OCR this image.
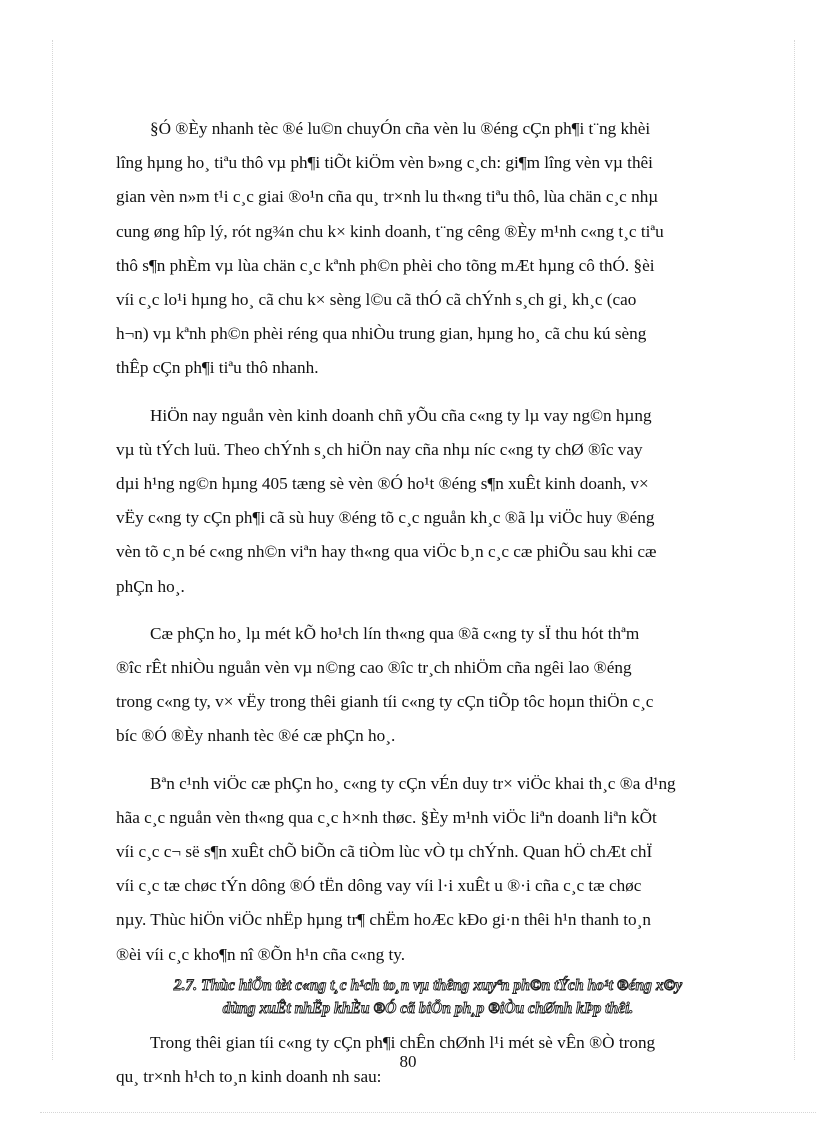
§Ó ®Èy nhanh tèc ®é lu©n chuyÓn cña vèn lu ®éng cÇn ph¶i t¨ng khèi
lîng hµng ho¸ tiªu thô vµ ph¶i tiÕt kiÖm vèn b»ng c¸ch: gi¶m lîng vèn vµ thêi
gian vèn n»m t¹i c¸c giai ®o¹n cña qu¸ tr×nh lu th«ng tiªu thô, lùa chän c¸c nhµ
cung øng hîp lý, rót ng¾n chu k× kinh doanh, t¨ng cêng ®Èy m¹nh c«ng t¸c tiªu
thô s¶n phÈm vµ lùa chän c¸c kªnh ph©n phèi cho tõng mÆt hµng cô thÓ. §èi
víi c¸c lo¹i hµng ho¸ cã chu k× sèng l©u cã thÓ cã chÝnh s¸ch gi¸ kh¸c (cao
h¬n) vµ kªnh ph©n phèi réng qua nhiÒu trung gian, hµng ho¸ cã chu kú sèng
thÊp cÇn ph¶i tiªu thô nhanh.

HiÖn nay nguån vèn kinh doanh chñ yÕu cña c«ng ty lµ vay ng©n hµng
vµ tù tÝch luü. Theo chÝnh s¸ch hiÖn nay cña nhµ níc c«ng ty chØ ®îc vay
dµi h¹ng ng©n hµng 405 tæng sè vèn ®Ó ho¹t ®éng s¶n xuÊt kinh doanh, v×
vËy c«ng ty cÇn ph¶i cã sù huy ®éng tõ c¸c nguån kh¸c ®ã lµ viÖc huy ®éng
vèn tõ c¸n bé c«ng nh©n viªn hay th«ng qua viÖc b¸n c¸c cæ phiÕu sau khi cæ
phÇn ho¸.

Cæ phÇn ho¸ lµ mét kÕ ho¹ch lín th«ng qua ®ã c«ng ty sÏ thu hót thªm
®îc rÊt nhiÒu nguån vèn vµ n©ng cao ®îc tr¸ch nhiÖm cña ngêi lao ®éng
trong c«ng ty, v× vËy trong thêi gianh tíi c«ng ty cÇn tiÕp tôc hoµn thiÖn c¸c
bíc ®Ó ®Èy nhanh tèc ®é cæ phÇn ho¸.

Bªn c¹nh viÖc cæ phÇn ho¸ c«ng ty cÇn vÉn duy tr× viÖc khai th¸c ®a d¹ng
hãa c¸c nguån vèn th«ng qua c¸c h×nh thøc. §Èy m¹nh viÖc liªn doanh liªn kÕt
víi c¸c c¬ së s¶n xuÊt chÕ biÕn cã tiÒm lùc vÒ tµ chÝnh. Quan hÖ chÆt chÏ
víi c¸c tæ chøc tÝn dông ®Ó tËn dông vay víi l·i xuÊt u ®·i cña c¸c tæ chøc
nµy. Thùc hiÖn viÖc nhËp hµng tr¶ chËm hoÆc kÐo gi·n thêi h¹n thanh to¸n
®èi víi c¸c kho¶n nî ®Õn h¹n cña c«ng ty.

2.7. Thùc hiÖn tèt c«ng t¸c h¹ch to¸n vµ thêng xuyªn ph©n tÝch ho¹t ®éng x©y
dùng xuÊt nhËp khÈu ®Ó cã biÖn ph¸p ®iÒu chØnh kÞp thêi.

Trong thêi gian tíi c«ng ty cÇn ph¶i chÊn chØnh l¹i mét sè vÊn ®Ò trong
qu¸ tr×nh h¹ch to¸n kinh doanh nh sau:

80
